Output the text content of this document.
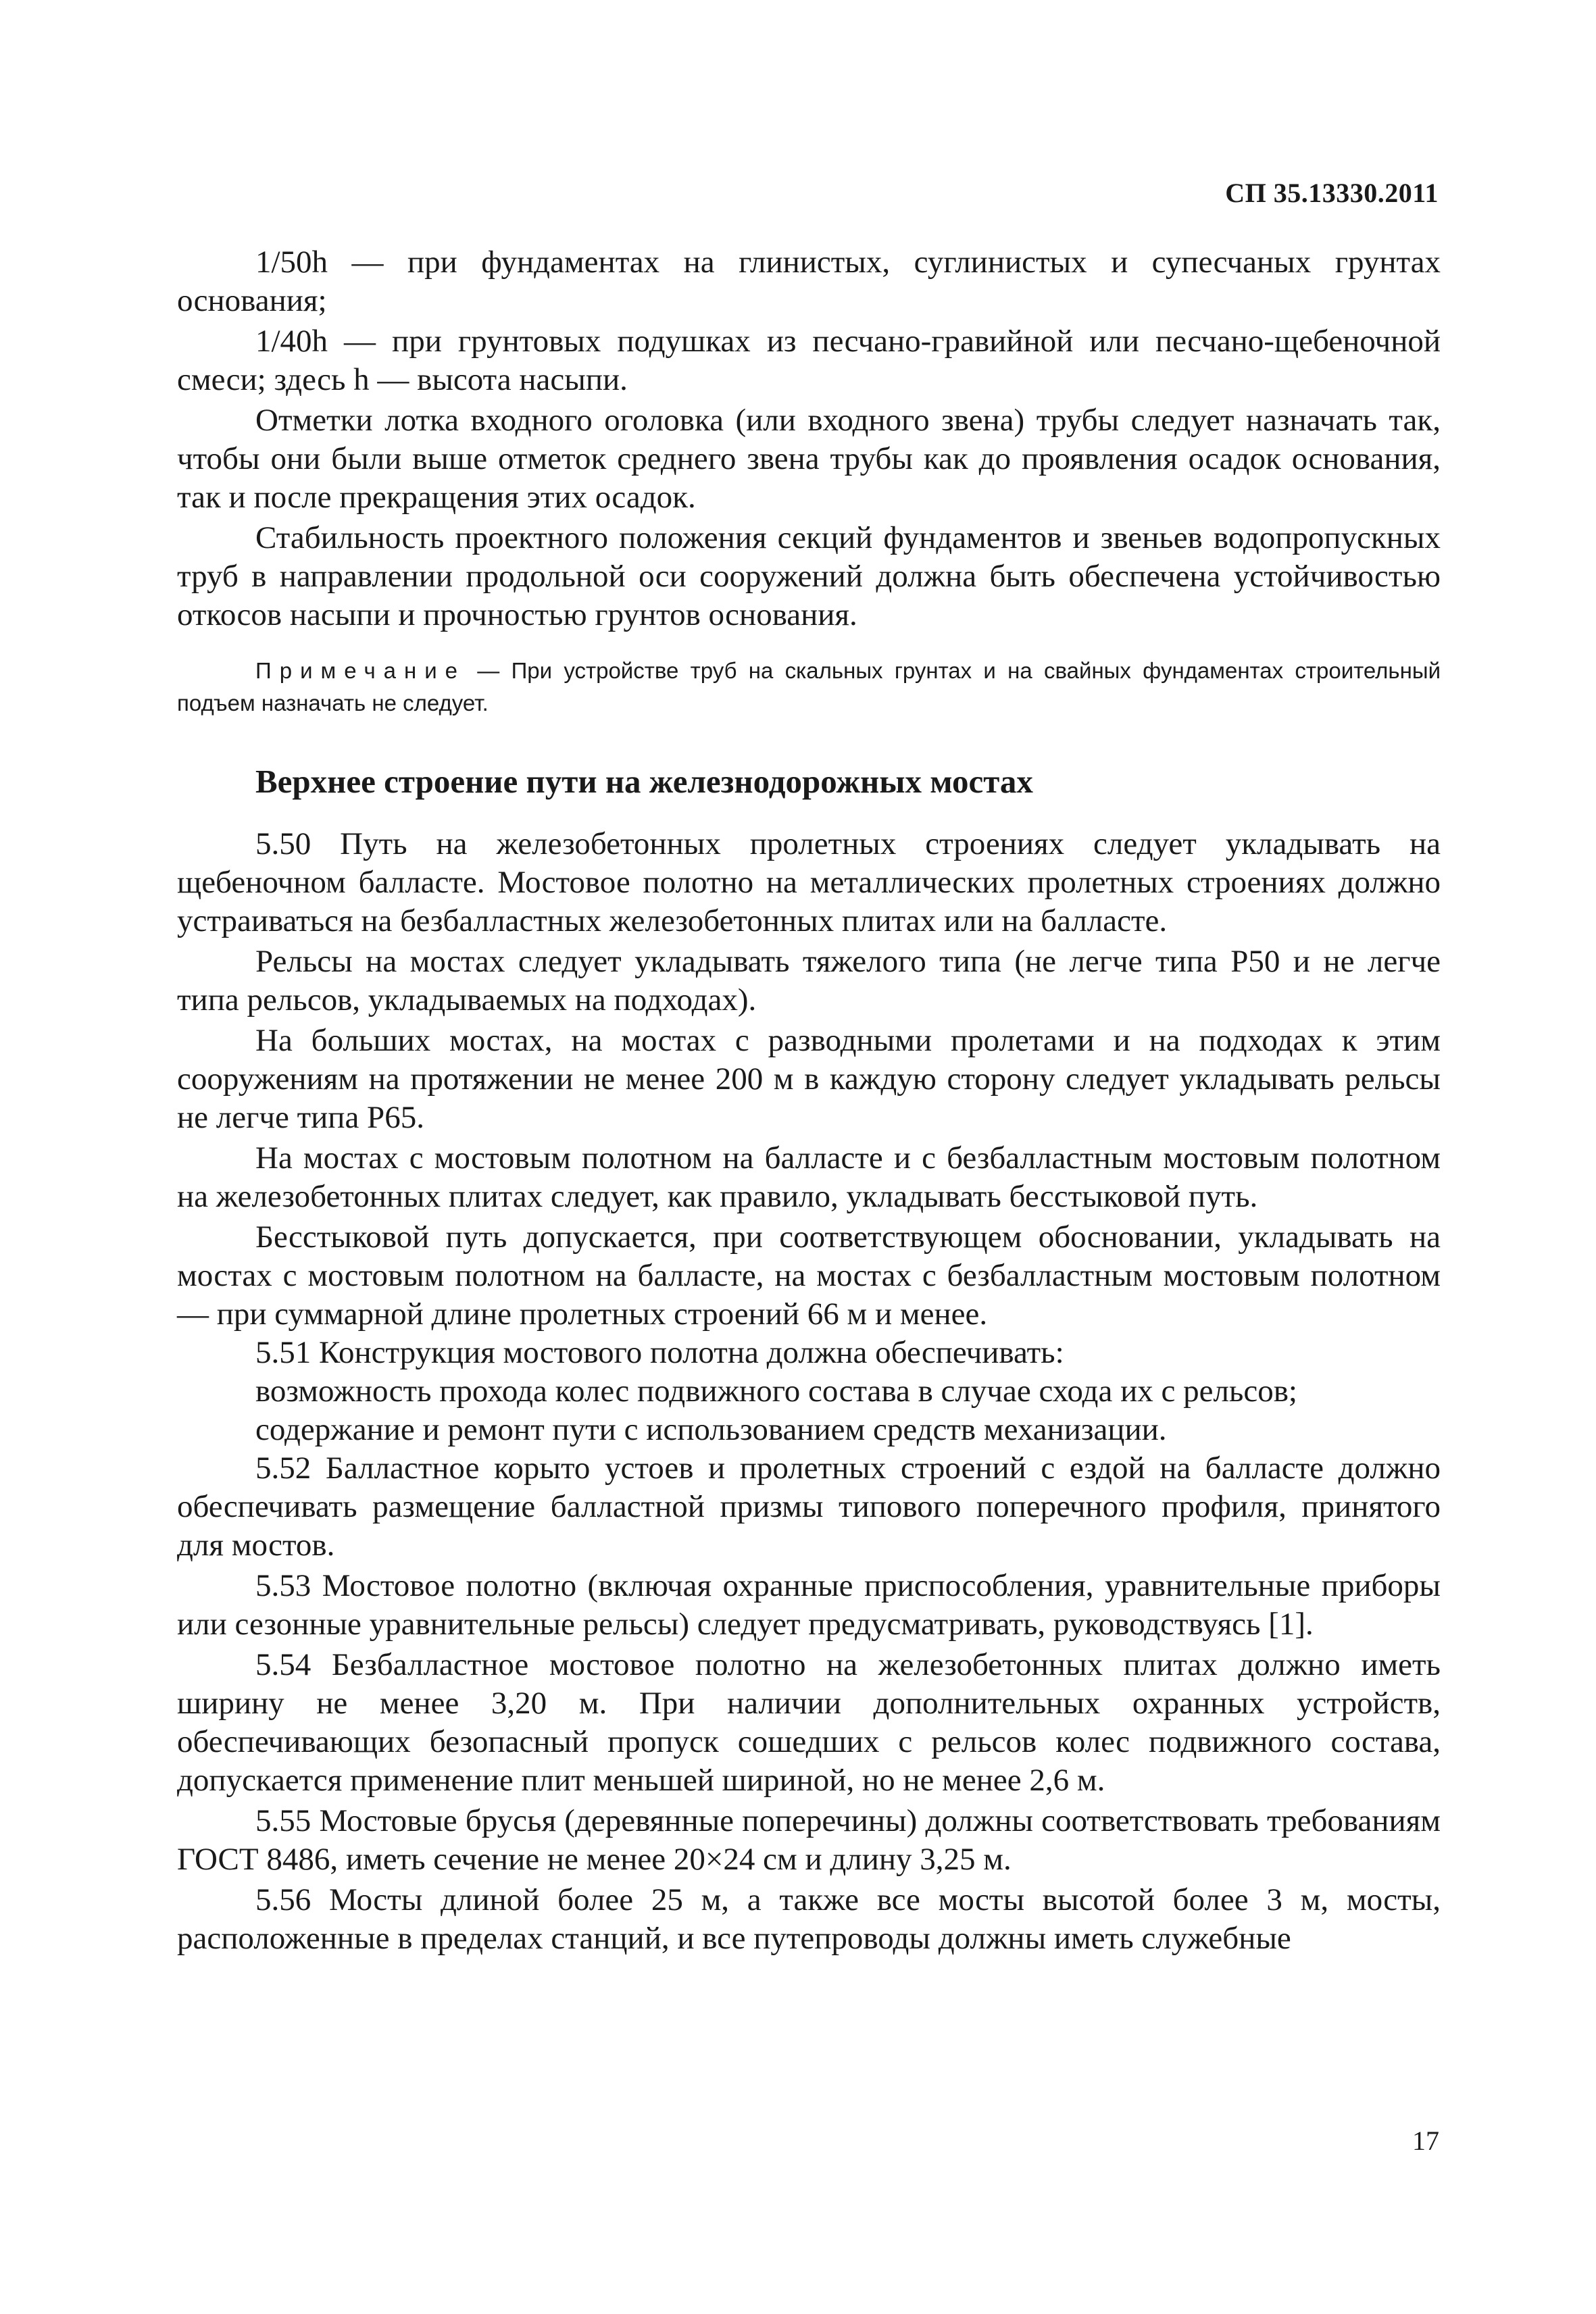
СП 35.13330.2011

1/50h — при фундаментах на глинистых, суглинистых и супесчаных грунтах основания;

1/40h — при грунтовых подушках из песчано-гравийной или песчано-щебеночной смеси; здесь h — высота насыпи.

Отметки лотка входного оголовка (или входного звена) трубы следует назначать так, чтобы они были выше отметок среднего звена трубы как до проявления осадок основания, так и после прекращения этих осадок.

Стабильность проектного положения секций фундаментов и звеньев водопропускных труб в направлении продольной оси сооружений должна быть обеспечена устойчивостью откосов насыпи и прочностью грунтов основания.

Примечание — При устройстве труб на скальных грунтах и на свайных фундаментах строительный подъем назначать не следует.

Верхнее строение пути на железнодорожных мостах

5.50 Путь на железобетонных пролетных строениях следует укладывать на щебеночном балласте. Мостовое полотно на металлических пролетных строениях должно устраиваться на безбалластных железобетонных плитах или на балласте.

Рельсы на мостах следует укладывать тяжелого типа (не легче типа Р50 и не легче типа рельсов, укладываемых на подходах).

На больших мостах, на мостах с разводными пролетами и на подходах к этим сооружениям на протяжении не менее 200 м в каждую сторону следует укладывать рельсы не легче типа Р65.

На мостах с мостовым полотном на балласте и с безбалластным мостовым полотном на железобетонных плитах следует, как правило, укладывать бесстыковой путь.

Бесстыковой путь допускается, при соответствующем обосновании, укладывать на мостах с мостовым полотном на балласте, на мостах с безбалластным мостовым полотном — при суммарной длине пролетных строений 66 м и менее.

5.51 Конструкция мостового полотна должна обеспечивать:

возможность прохода колес подвижного состава в случае схода их с рельсов;

содержание и ремонт пути с использованием средств механизации.

5.52 Балластное корыто устоев и пролетных строений с ездой на балласте должно обеспечивать размещение балластной призмы типового поперечного профиля, принятого для мостов.

5.53 Мостовое полотно (включая охранные приспособления, уравнительные приборы или сезонные уравнительные рельсы) следует предусматривать, руководствуясь [1].

5.54 Безбалластное мостовое полотно на железобетонных плитах должно иметь ширину не менее 3,20 м. При наличии дополнительных охранных устройств, обеспечивающих безопасный пропуск сошедших с рельсов колес подвижного состава, допускается применение плит меньшей шириной, но не менее 2,6 м.

5.55 Мостовые брусья (деревянные поперечины) должны соответствовать требованиям ГОСТ 8486, иметь сечение не менее 20×24 см и длину 3,25 м.

5.56 Мосты длиной более 25 м, а также все мосты высотой более 3 м, мосты, расположенные в пределах станций, и все путепроводы должны иметь служебные

17
